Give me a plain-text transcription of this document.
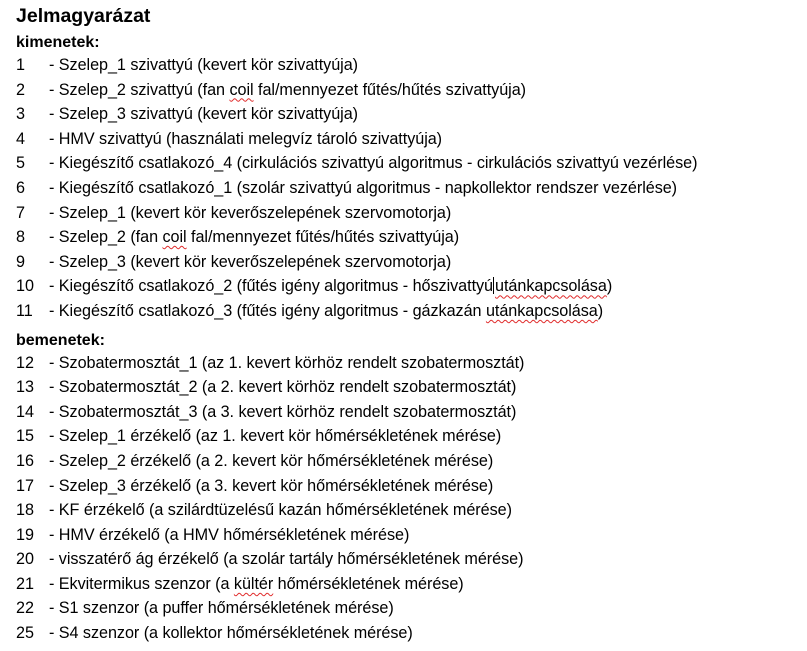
Jelmagyarázat
kimenetek:
1 - Szelep_1 szivattyú (kevert kör szivattyúja)
2 - Szelep_2 szivattyú (fan coil fal/mennyezet fűtés/hűtés szivattyúja)
3 - Szelep_3 szivattyú (kevert kör szivattyúja)
4 - HMV szivattyú (használati melegvíz tároló szivattyúja)
5 - Kiegészítő csatlakozó_4 (cirkulációs szivattyú algoritmus - cirkulációs szivattyú vezérlése)
6 - Kiegészítő csatlakozó_1 (szolár szivattyú algoritmus - napkollektor rendszer vezérlése)
7 - Szelep_1 (kevert kör keverőszelepének szervomotorja)
8 - Szelep_2 (fan coil fal/mennyezet fűtés/hűtés szivattyúja)
9 - Szelep_3 (kevert kör keverőszelepének szervomotorja)
10 - Kiegészítő csatlakozó_2 (fűtés igény algoritmus - hőszivattyú utánkapcsolása)
11 - Kiegészítő csatlakozó_3 (fűtés igény algoritmus - gázkazán utánkapcsolása)
bemenetek:
12 - Szobatermosztát_1 (az 1. kevert körhöz rendelt szobatermosztát)
13 - Szobatermosztát_2 (a 2. kevert körhöz rendelt szobatermosztát)
14 - Szobatermosztát_3 (a 3. kevert körhöz rendelt szobatermosztát)
15 - Szelep_1 érzékelő (az 1. kevert kör hőmérsékletének mérése)
16 - Szelep_2 érzékelő (a 2. kevert kör hőmérsékletének mérése)
17 - Szelep_3 érzékelő (a 3. kevert kör hőmérsékletének mérése)
18 - KF érzékelő (a szilárdtüzelésű kazán hőmérsékletének mérése)
19 - HMV érzékelő (a HMV hőmérsékletének mérése)
20 - visszatérő ág érzékelő (a szolár tartály hőmérsékletének mérése)
21 - Ekvitermikus szenzor (a kültér hőmérsékletének mérése)
22 - S1 szenzor (a puffer hőmérsékletének mérése)
25 - S4 szenzor (a kollektor hőmérsékletének mérése)
